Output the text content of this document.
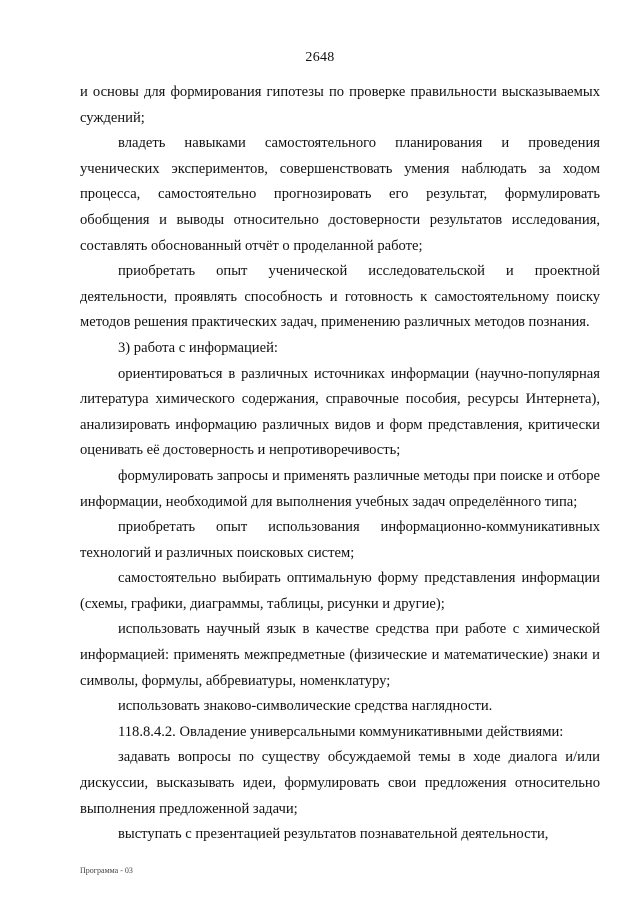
2648

и основы для формирования гипотезы по проверке правильности высказываемых суждений;

владеть навыками самостоятельного планирования и проведения ученических экспериментов, совершенствовать умения наблюдать за ходом процесса, самостоятельно прогнозировать его результат, формулировать обобщения и выводы относительно достоверности результатов исследования, составлять обоснованный отчёт о проделанной работе;

приобретать опыт ученической исследовательской и проектной деятельности, проявлять способность и готовность к самостоятельному поиску методов решения практических задач, применению различных методов познания.

3) работа с информацией:

ориентироваться в различных источниках информации (научно-популярная литература химического содержания, справочные пособия, ресурсы Интернета), анализировать информацию различных видов и форм представления, критически оценивать её достоверность и непротиворечивость;

формулировать запросы и применять различные методы при поиске и отборе информации, необходимой для выполнения учебных задач определённого типа;

приобретать опыт использования информационно-коммуникативных технологий и различных поисковых систем;

самостоятельно выбирать оптимальную форму представления информации (схемы, графики, диаграммы, таблицы, рисунки и другие);

использовать научный язык в качестве средства при работе с химической информацией: применять межпредметные (физические и математические) знаки и символы, формулы, аббревиатуры, номенклатуру;

использовать знаково-символические средства наглядности.

118.8.4.2. Овладение универсальными коммуникативными действиями:

задавать вопросы по существу обсуждаемой темы в ходе диалога и/или дискуссии, высказывать идеи, формулировать свои предложения относительно выполнения предложенной задачи;

выступать с презентацией результатов познавательной деятельности,

Программа - 03
